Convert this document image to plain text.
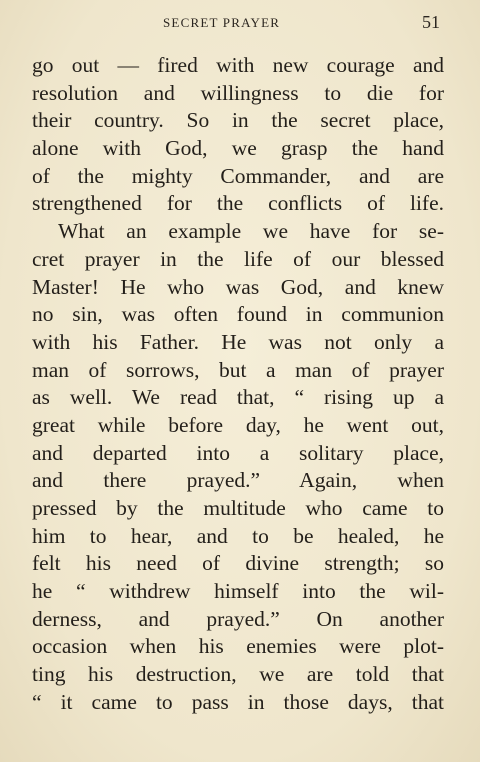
SECRET PRAYER	51
go out — fired with new courage and
resolution and willingness to die for
their country. So in the secret place,
alone with God, we grasp the hand
of the mighty Commander, and are
strengthened for the conflicts of life.
What an example we have for se-
cret prayer in the life of our blessed
Master! He who was God, and knew
no sin, was often found in communion
with his Father. He was not only a
man of sorrows, but a man of prayer
as well. We read that, “ rising up a
great while before day, he went out,
and departed into a solitary place,
and there prayed.” Again, when
pressed by the multitude who came to
him to hear, and to be healed, he
felt his need of divine strength; so
he “ withdrew himself into the wil-
derness, and prayed.” On another
occasion when his enemies were plot-
ting his destruction, we are told that
“ it came to pass in those days, that
